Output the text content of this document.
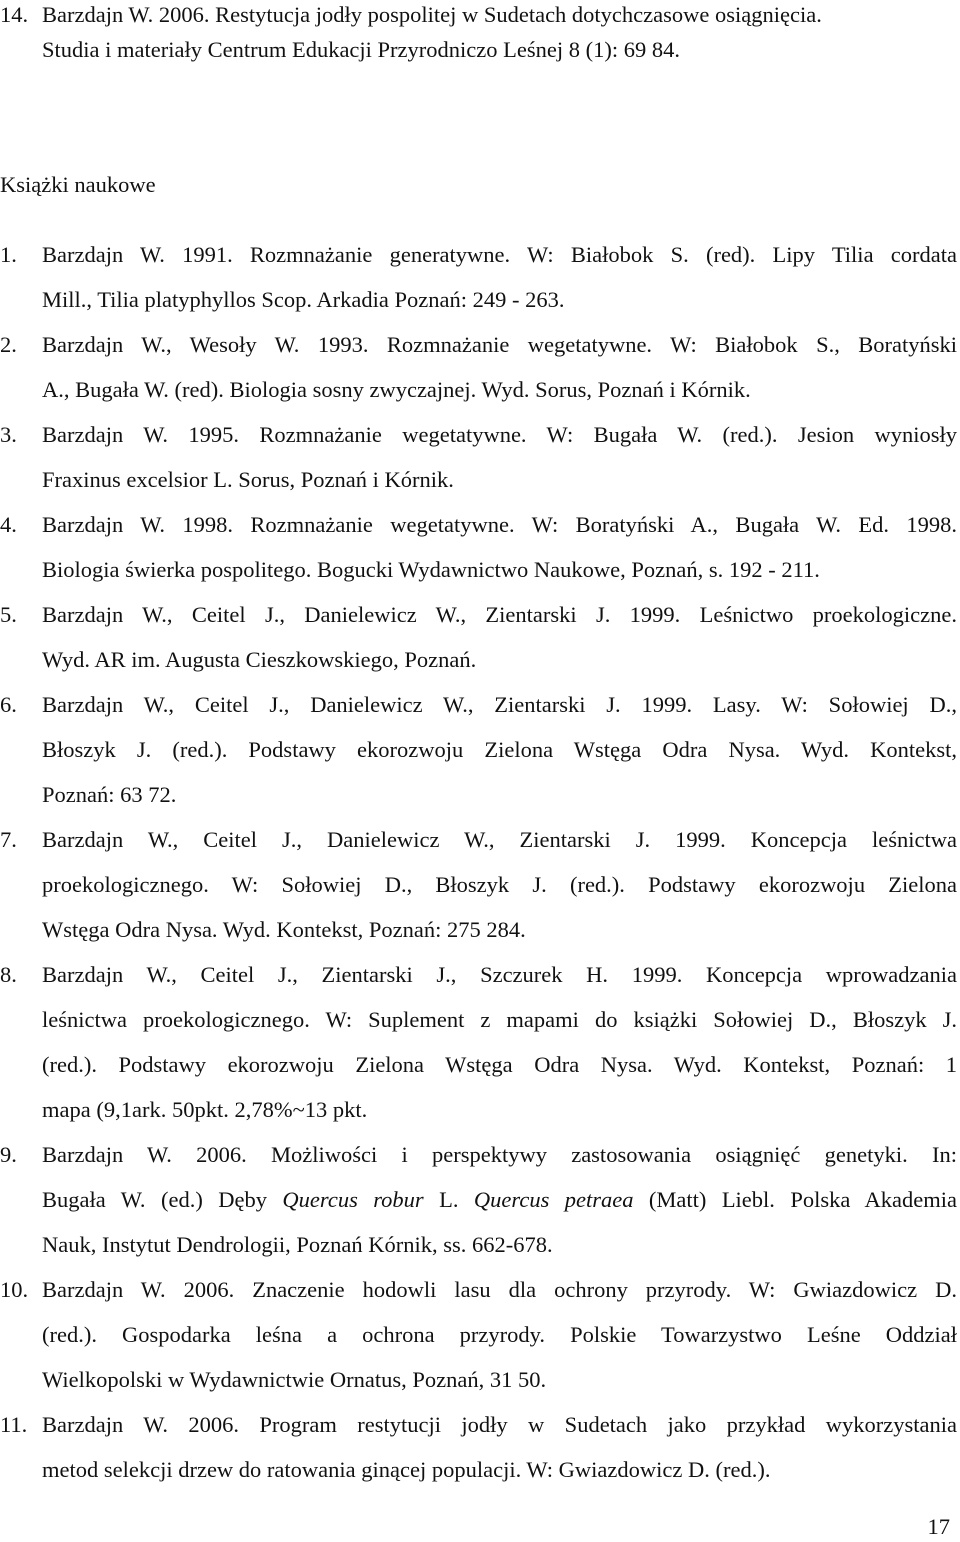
14. Barzdajn W. 2006. Restytucja jodły pospolitej w Sudetach dotychczasowe osiągnięcia.
Studia i materiały Centrum Edukacji Przyrodniczo Leśnej 8 (1): 69 84.
Książki naukowe
1. Barzdajn W. 1991. Rozmnażanie generatywne. W: Białobok S. (red). Lipy Tilia cordata
Mill., Tilia platyphyllos Scop. Arkadia Poznań: 249 - 263.
2. Barzdajn W., Wesoły W. 1993. Rozmnażanie wegetatywne. W: Białobok S., Boratyński
A., Bugała W. (red). Biologia sosny zwyczajnej. Wyd. Sorus, Poznań i Kórnik.
3. Barzdajn W. 1995. Rozmnażanie wegetatywne. W: Bugała W. (red.). Jesion wyniosły
Fraxinus excelsior L. Sorus, Poznań i Kórnik.
4. Barzdajn W. 1998. Rozmnażanie wegetatywne. W: Boratyński A., Bugała W. Ed. 1998.
Biologia świerka pospolitego. Bogucki Wydawnictwo Naukowe, Poznań, s. 192 - 211.
5. Barzdajn W., Ceitel J., Danielewicz W., Zientarski J. 1999. Leśnictwo proekologiczne.
Wyd. AR im. Augusta Cieszkowskiego, Poznań.
6. Barzdajn W., Ceitel J., Danielewicz W., Zientarski J. 1999. Lasy. W: Sołowiej D.,
Błoszyk J. (red.). Podstawy ekorozwoju Zielona Wstęga Odra Nysa. Wyd. Kontekst,
Poznań: 63 72.
7. Barzdajn W., Ceitel J., Danielewicz W., Zientarski J. 1999. Koncepcja leśnictwa
proekologicznego. W: Sołowiej D., Błoszyk J. (red.). Podstawy ekorozwoju Zielona
Wstęga Odra Nysa. Wyd. Kontekst, Poznań: 275 284.
8. Barzdajn W., Ceitel J., Zientarski J., Szczurek H. 1999. Koncepcja wprowadzania
leśnictwa proekologicznego. W: Suplement z mapami do książki Sołowiej D., Błoszyk J.
(red.). Podstawy ekorozwoju Zielona Wstęga Odra Nysa. Wyd. Kontekst, Poznań: 1
mapa (9,1ark. 50pkt. 2,78%~13 pkt.
9. Barzdajn W. 2006. Możliwości i perspektywy zastosowania osiągnięć genetyki. In:
Bugała W. (ed.) Dęby Quercus robur L. Quercus petraea (Matt) Liebl. Polska Akademia
Nauk, Instytut Dendrologii, Poznań Kórnik, ss. 662-678.
10. Barzdajn W. 2006. Znaczenie hodowli lasu dla ochrony przyrody. W: Gwiazdowicz D.
(red.). Gospodarka leśna a ochrona przyrody. Polskie Towarzystwo Leśne Oddział
Wielkopolski w Wydawnictwie Ornatus, Poznań, 31 50.
11. Barzdajn W. 2006. Program restytucji jodły w Sudetach jako przykład wykorzystania
metod selekcji drzew do ratowania ginącej populacji. W: Gwiazdowicz D. (red.).
17
